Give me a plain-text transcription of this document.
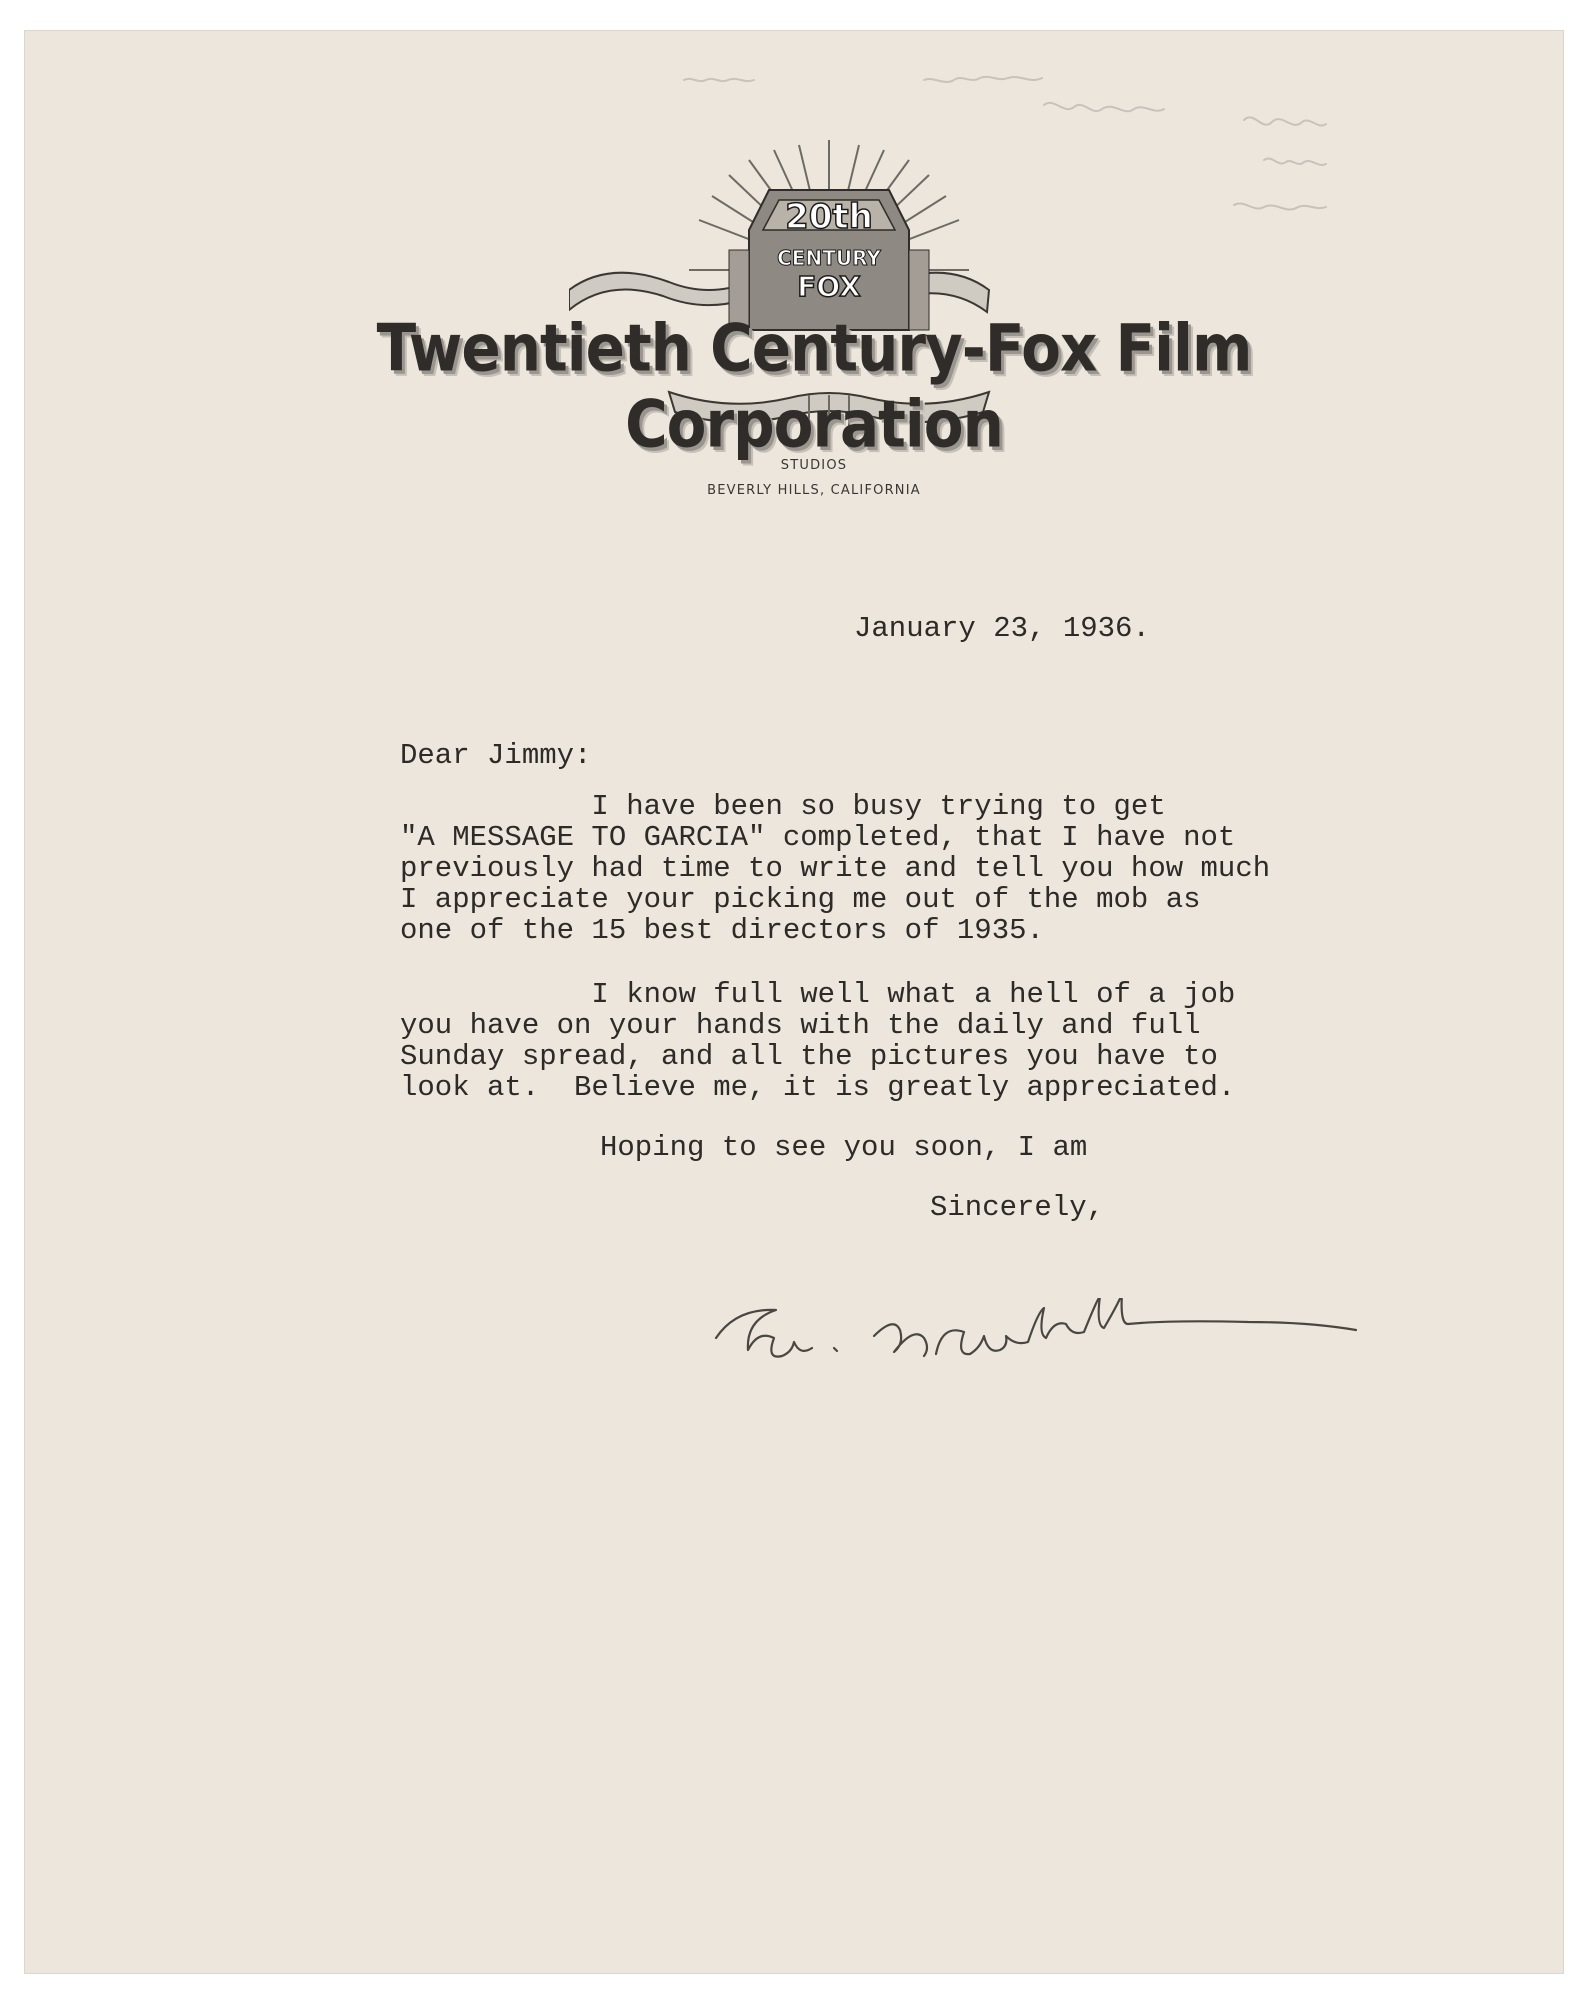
20th
CENTURY
FOX
Twentieth Century-Fox Film Corporation
STUDIOS
BEVERLY HILLS, CALIFORNIA
January 23, 1936.
Dear Jimmy:
I have been so busy trying to get
"A MESSAGE TO GARCIA" completed, that I have not
previously had time to write and tell you how much
I appreciate your picking me out of the mob as
one of the 15 best directors of 1935.
I know full well what a hell of a job
you have on your hands with the daily and full
Sunday spread, and all the pictures you have to
look at.  Believe me, it is greatly appreciated.
Hoping to see you soon, I am
Sincerely,
